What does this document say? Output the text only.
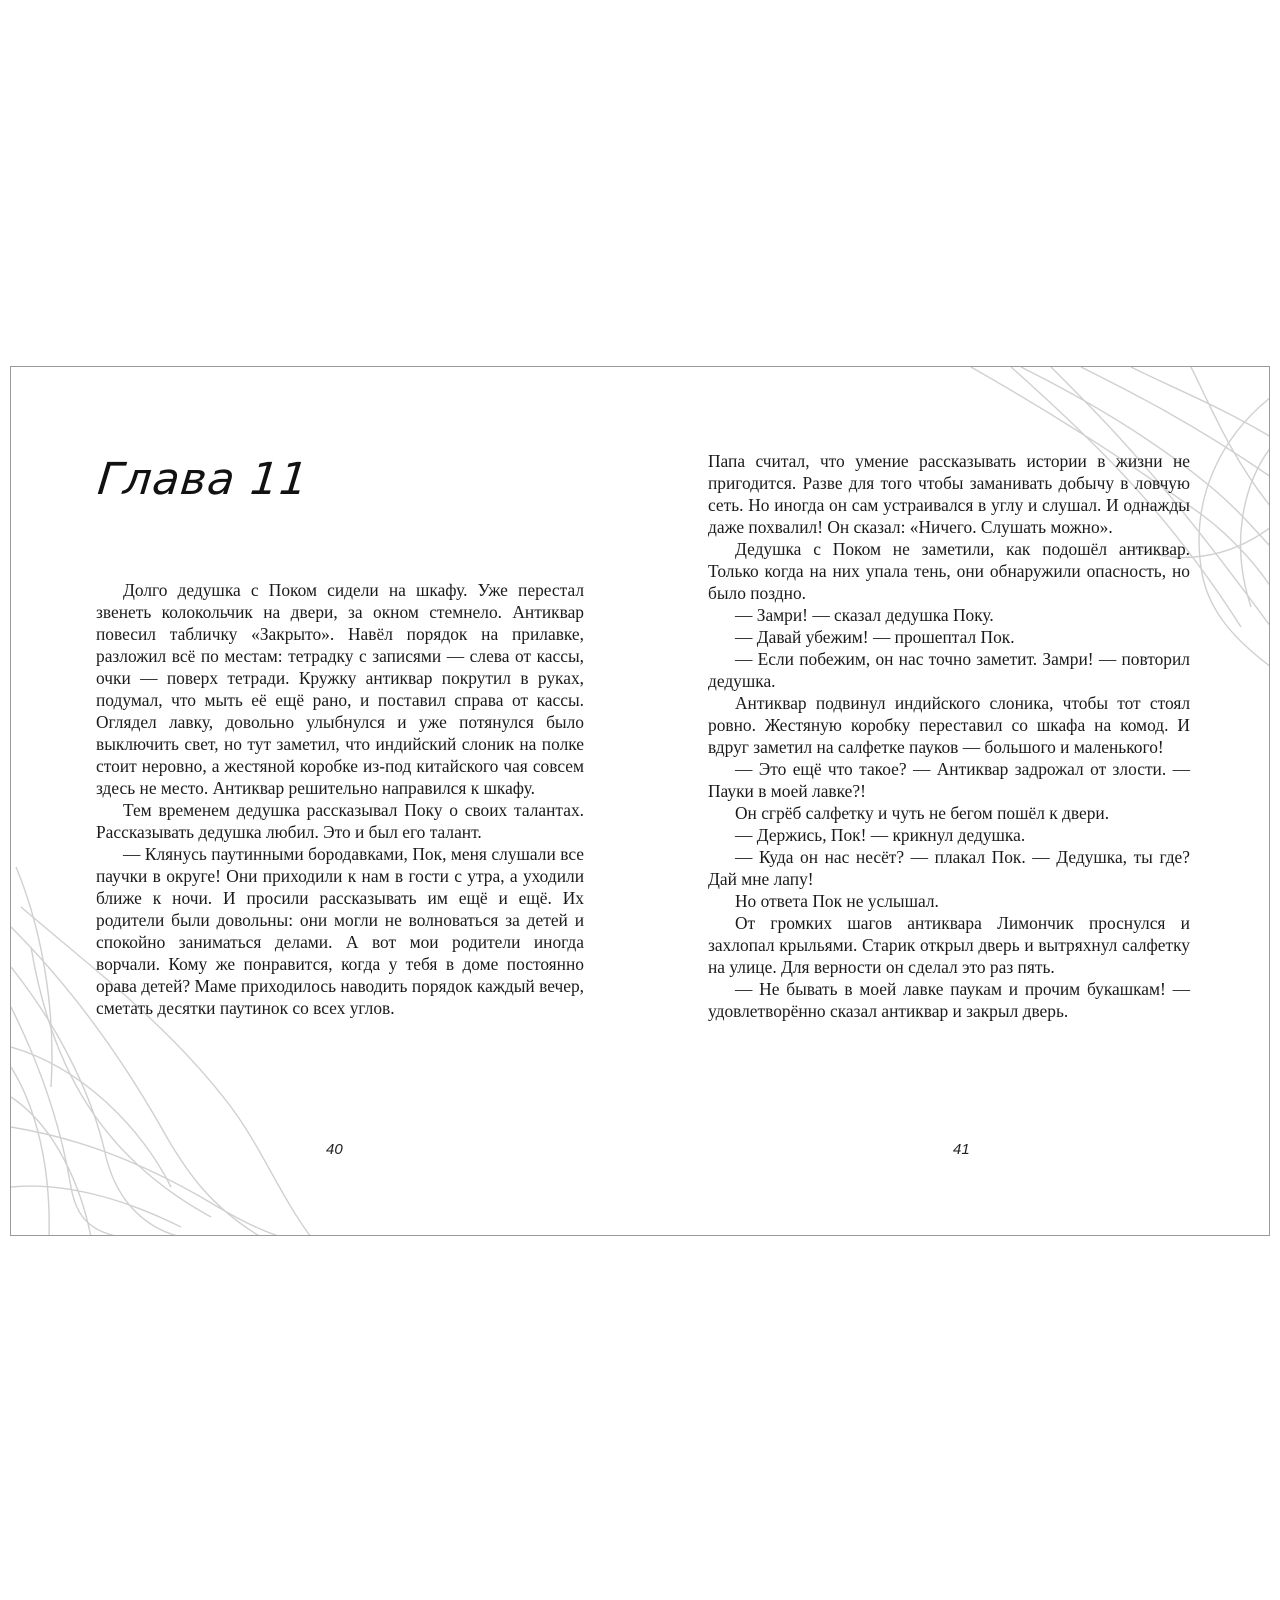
Глава 11

Долго дедушка с Поком сидели на шкафу. Уже перестал звенеть колокольчик на двери, за окном стемнело. Антиквар повесил табличку «Закрыто». Навёл порядок на прилавке, разложил всё по местам: тетрадку с записями — слева от кассы, очки — поверх тетради. Кружку антиквар покрутил в руках, подумал, что мыть её ещё рано, и поставил справа от кассы. Оглядел лавку, довольно улыбнулся и уже потянулся было выключить свет, но тут заметил, что индийский слоник на полке стоит неровно, а жестяной коробке из-под китайского чая совсем здесь не место. Антиквар решительно направился к шкафу.

Тем временем дедушка рассказывал Поку о своих талантах. Рассказывать дедушка любил. Это и был его талант.

— Клянусь паутинными бородавками, Пок, меня слушали все паучки в округе! Они приходили к нам в гости с утра, а уходили ближе к ночи. И просили рассказывать им ещё и ещё. Их родители были довольны: они могли не волноваться за детей и спокойно заниматься делами. А вот мои родители иногда ворчали. Кому же понравится, когда у тебя в доме постоянно орава детей? Маме приходилось наводить порядок каждый вечер, сметать десятки паутинок со всех углов.

Папа считал, что умение рассказывать истории в жизни не пригодится. Разве для того чтобы заманивать добычу в ловчую сеть. Но иногда он сам устраивался в углу и слушал. И однажды даже похвалил! Он сказал: «Ничего. Слушать можно».

Дедушка с Поком не заметили, как подошёл антиквар. Только когда на них упала тень, они обнаружили опасность, но было поздно.

— Замри! — сказал дедушка Поку.

— Давай убежим! — прошептал Пок.

— Если побежим, он нас точно заметит. Замри! — повторил дедушка.

Антиквар подвинул индийского слоника, чтобы тот стоял ровно. Жестяную коробку переставил со шкафа на комод. И вдруг заметил на салфетке пауков — большого и маленького!

— Это ещё что такое? — Антиквар задрожал от злости. — Пауки в моей лавке?!

Он сгрёб салфетку и чуть не бегом пошёл к двери.

— Держись, Пок! — крикнул дедушка.

— Куда он нас несёт? — плакал Пок. — Дедушка, ты где? Дай мне лапу!

Но ответа Пок не услышал.

От громких шагов антиквара Лимончик проснулся и захлопал крыльями. Старик открыл дверь и вытряхнул салфетку на улице. Для верности он сделал это раз пять.

— Не бывать в моей лавке паукам и прочим букашкам! — удовлетворённо сказал антиквар и закрыл дверь.

40	41
